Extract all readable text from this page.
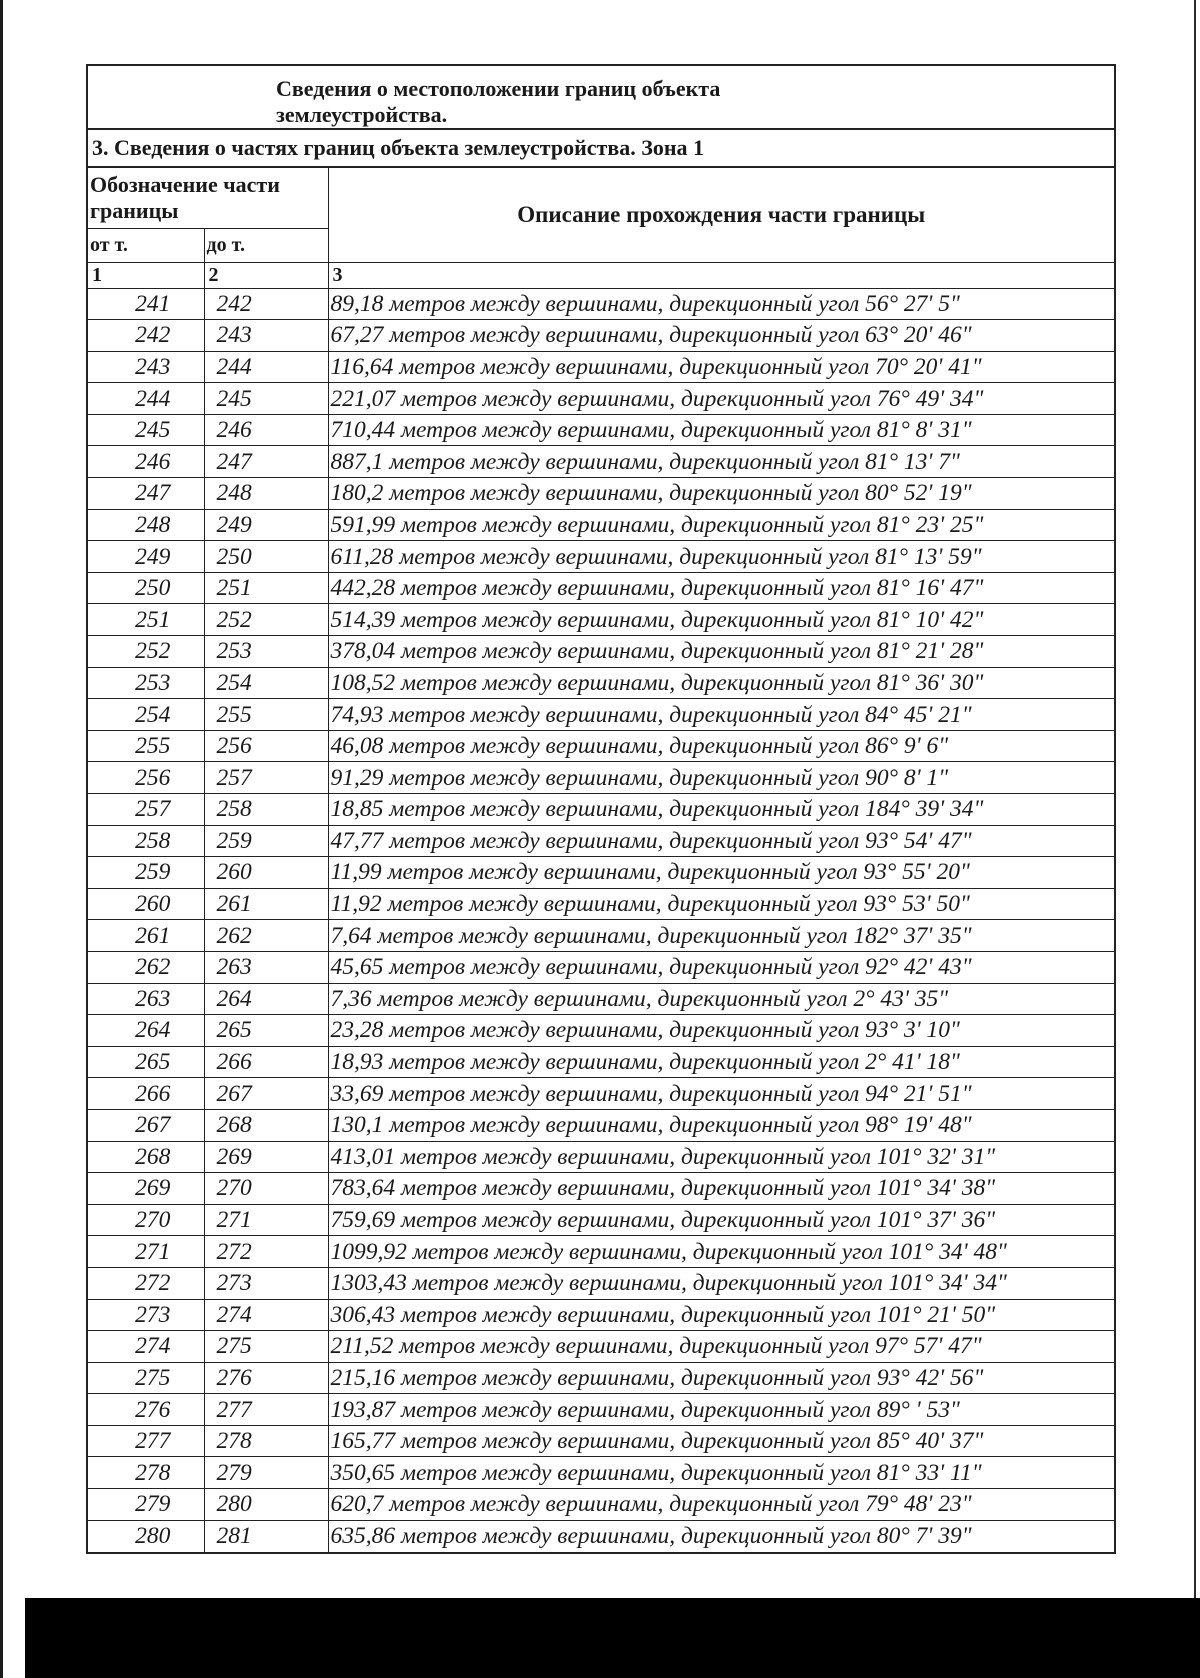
Сведения о местоположении границ объекта землеустройства.
3. Сведения о частях границ объекта землеустройства. Зона 1
Обозначение части границы		Описание прохождения части границы
от т.	до т.	
1	2	3
241	242	89,18 метров между вершинами, дирекционный угол 56° 27' 5"
242	243	67,27 метров между вершинами, дирекционный угол 63° 20' 46"
243	244	116,64 метров между вершинами, дирекционный угол 70° 20' 41"
244	245	221,07 метров между вершинами, дирекционный угол 76° 49' 34"
245	246	710,44 метров между вершинами, дирекционный угол 81° 8' 31"
246	247	887,1 метров между вершинами, дирекционный угол 81° 13' 7"
247	248	180,2 метров между вершинами, дирекционный угол 80° 52' 19"
248	249	591,99 метров между вершинами, дирекционный угол 81° 23' 25"
249	250	611,28 метров между вершинами, дирекционный угол 81° 13' 59"
250	251	442,28 метров между вершинами, дирекционный угол 81° 16' 47"
251	252	514,39 метров между вершинами, дирекционный угол 81° 10' 42"
252	253	378,04 метров между вершинами, дирекционный угол 81° 21' 28"
253	254	108,52 метров между вершинами, дирекционный угол 81° 36' 30"
254	255	74,93 метров между вершинами, дирекционный угол 84° 45' 21"
255	256	46,08 метров между вершинами, дирекционный угол 86° 9' 6"
256	257	91,29 метров между вершинами, дирекционный угол 90° 8' 1"
257	258	18,85 метров между вершинами, дирекционный угол 184° 39' 34"
258	259	47,77 метров между вершинами, дирекционный угол 93° 54' 47"
259	260	11,99 метров между вершинами, дирекционный угол 93° 55' 20"
260	261	11,92 метров между вершинами, дирекционный угол 93° 53' 50"
261	262	7,64 метров между вершинами, дирекционный угол 182° 37' 35"
262	263	45,65 метров между вершинами, дирекционный угол 92° 42' 43"
263	264	7,36 метров между вершинами, дирекционный угол 2° 43' 35"
264	265	23,28 метров между вершинами, дирекционный угол 93° 3' 10"
265	266	18,93 метров между вершинами, дирекционный угол 2° 41' 18"
266	267	33,69 метров между вершинами, дирекционный угол 94° 21' 51"
267	268	130,1 метров между вершинами, дирекционный угол 98° 19' 48"
268	269	413,01 метров между вершинами, дирекционный угол 101° 32' 31"
269	270	783,64 метров между вершинами, дирекционный угол 101° 34' 38"
270	271	759,69 метров между вершинами, дирекционный угол 101° 37' 36"
271	272	1099,92 метров между вершинами, дирекционный угол 101° 34' 48"
272	273	1303,43 метров между вершинами, дирекционный угол 101° 34' 34"
273	274	306,43 метров между вершинами, дирекционный угол 101° 21' 50"
274	275	211,52 метров между вершинами, дирекционный угол 97° 57' 47"
275	276	215,16 метров между вершинами, дирекционный угол 93° 42' 56"
276	277	193,87 метров между вершинами, дирекционный угол 89° ' 53"
277	278	165,77 метров между вершинами, дирекционный угол 85° 40' 37"
278	279	350,65 метров между вершинами, дирекционный угол 81° 33' 11"
279	280	620,7 метров между вершинами, дирекционный угол 79° 48' 23"
280	281	635,86 метров между вершинами, дирекционный угол 80° 7' 39"
